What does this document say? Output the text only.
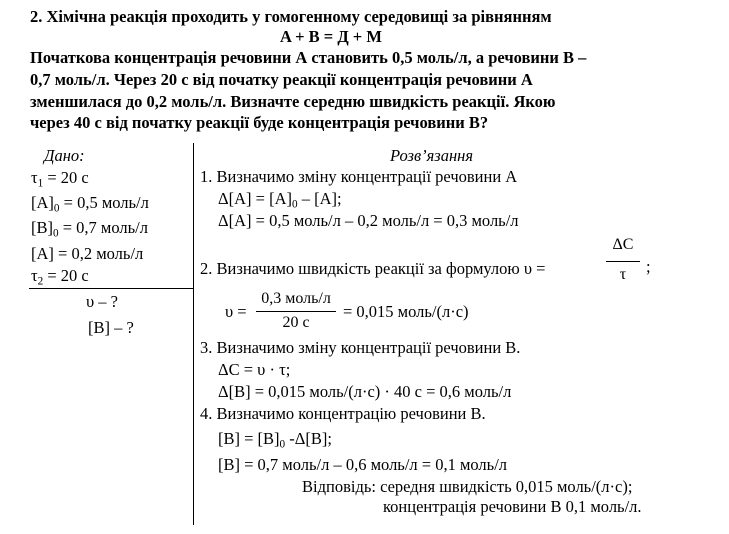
2. Хімічна реакція проходить у гомогенному середовищі за рівнянням
A + B = Д + М
Початкова концентрація речовини А становить 0,5 моль/л, а речовини В –
0,7 моль/л. Через 20 с від початку реакції концентрація речовини А
зменшилася до 0,2 моль/л. Визначте середню швидкість реакції. Якою
через 40 с від початку реакції буде концентрація речовини В?
Дано:
$\tau_1 = 20$ с
$[A]_0 = 0,5$ моль/л
$[B]_0 = 0,7$ моль/л
[A] = 0,2 моль/л
$\tau_2 = 20$ с
υ – ?
[B] – ?
Розв’язання
1. Визначимо зміну концентрації речовини А
$\Delta[A] = [A]_0 - [A]$;
Δ[A] = 0,5 моль/л – 0,2 моль/л = 0,3 моль/л
2. Визначимо швидкість реакції за формулою υ =
ΔC
τ	;
υ =
0,3 моль/л
20 с
= 0,015 моль/(л·с)
3. Визначимо зміну концентрації речовини В.
ΔC = υ · τ;
Δ[B] = 0,015 моль/(л·с) · 40 с = 0,6 моль/л
4. Визначимо концентрацію речовини В.
$[B] = [B]_0$ -Δ[B];
[B] = 0,7 моль/л – 0,6 моль/л = 0,1 моль/л
Відповідь: середня швидкість 0,015 моль/(л·с);
концентрація речовини В 0,1 моль/л.
